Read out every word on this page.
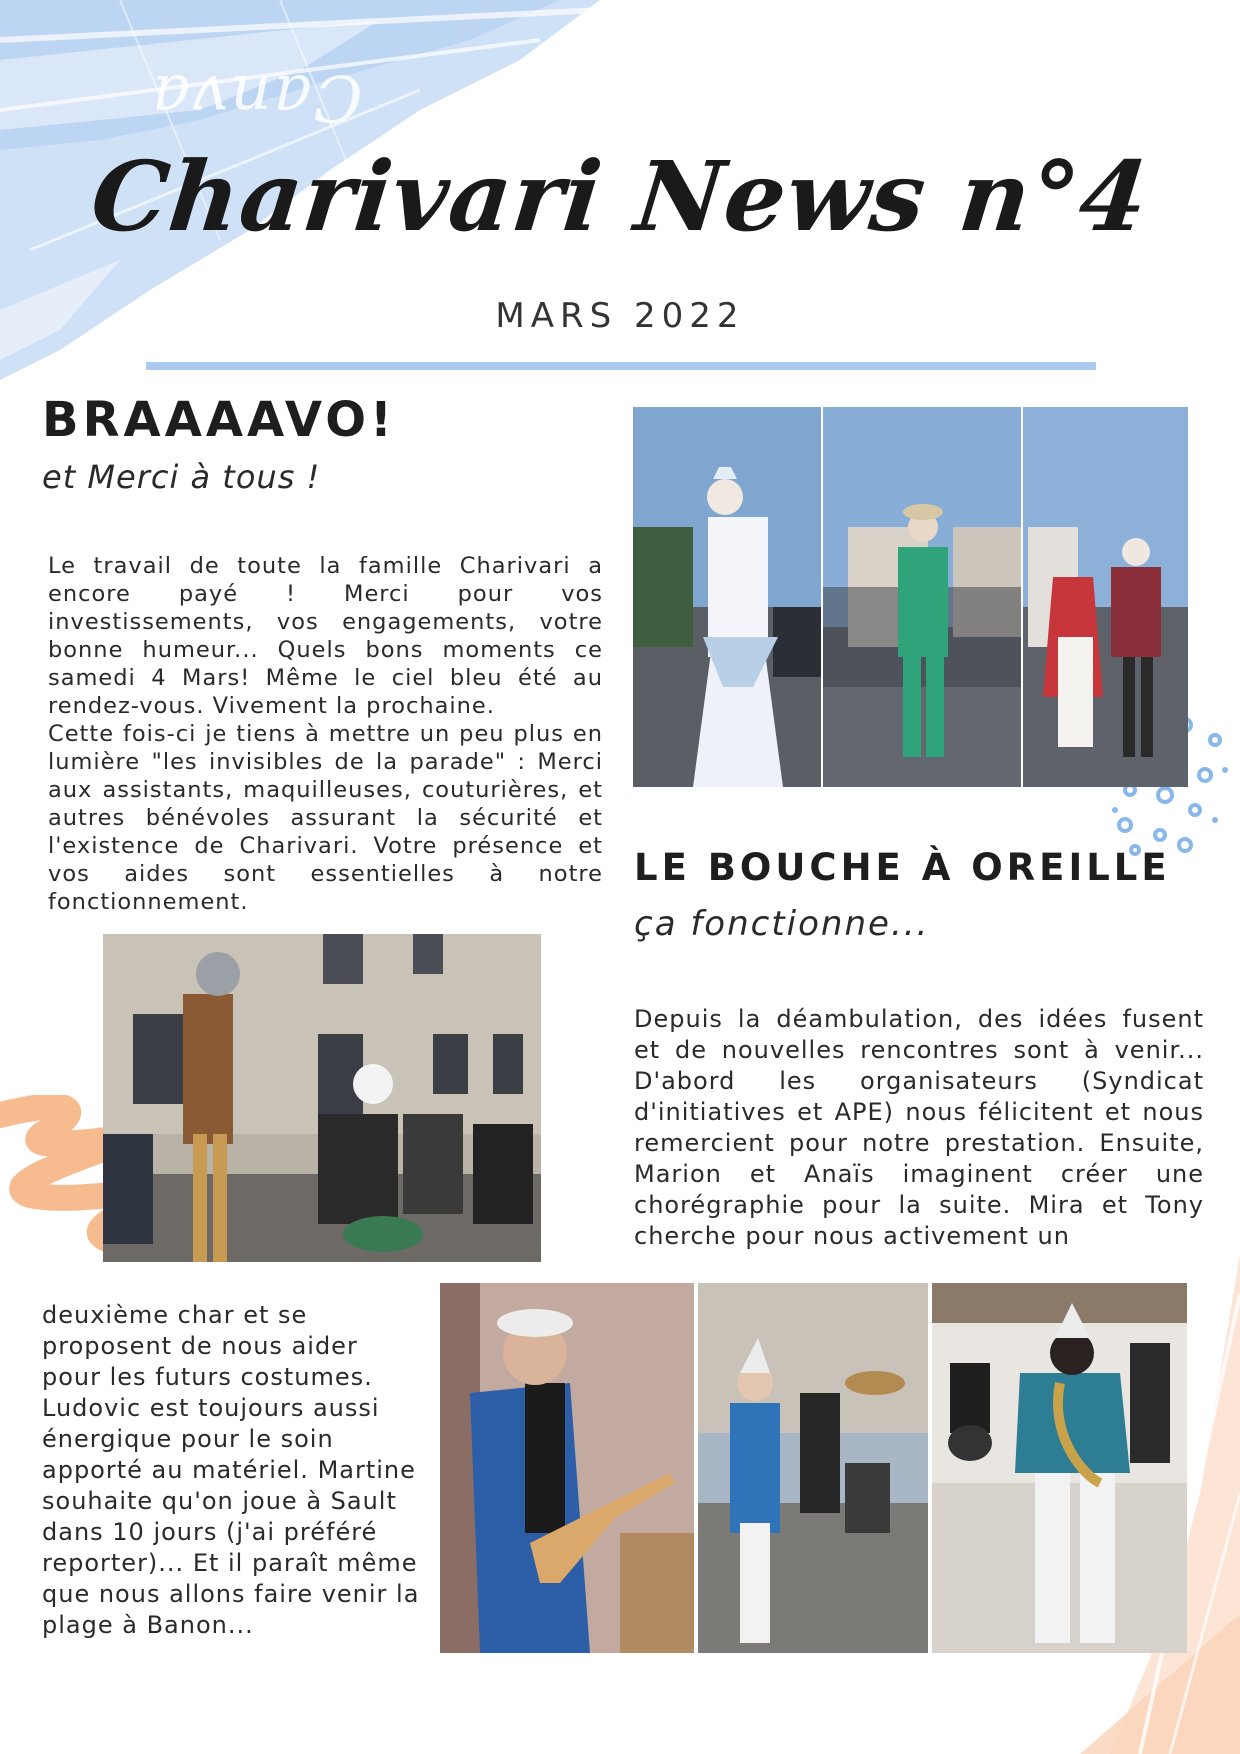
Canva
Charivari News n°4
MARS 2022
BRAAAAVO!
et Merci à tous !

Le travail de toute la famille Charivari a encore payé ! Merci pour vos investissements, vos engagements, votre bonne humeur... Quels bons moments ce samedi 4 Mars! Même le ciel bleu été au rendez-vous. Vivement la prochaine.

Cette fois-ci je tiens à mettre un peu plus en lumière "les invisibles de la parade" : Merci aux assistants, maquilleuses, couturières, et autres bénévoles assurant la sécurité et l'existence de Charivari. Votre présence et vos aides sont essentielles à notre fonctionnement.

LE BOUCHE À OREILLE
ça fonctionne...
Depuis la déambulation, des idées fusent et de nouvelles rencontres sont à venir... D'abord les organisateurs (Syndicat d'initiatives et APE) nous félicitent et nous remercient pour notre prestation. Ensuite, Marion et Anaïs imaginent créer une chorégraphie pour la suite. Mira et Tony cherche pour nous activement un
deuxième char et se proposent de nous aider pour les futurs costumes. Ludovic est toujours aussi énergique pour le soin apporté au matériel. Martine souhaite qu'on joue à Sault dans 10 jours (j'ai préféré reporter)... Et il paraît même que nous allons faire venir la plage à Banon...
